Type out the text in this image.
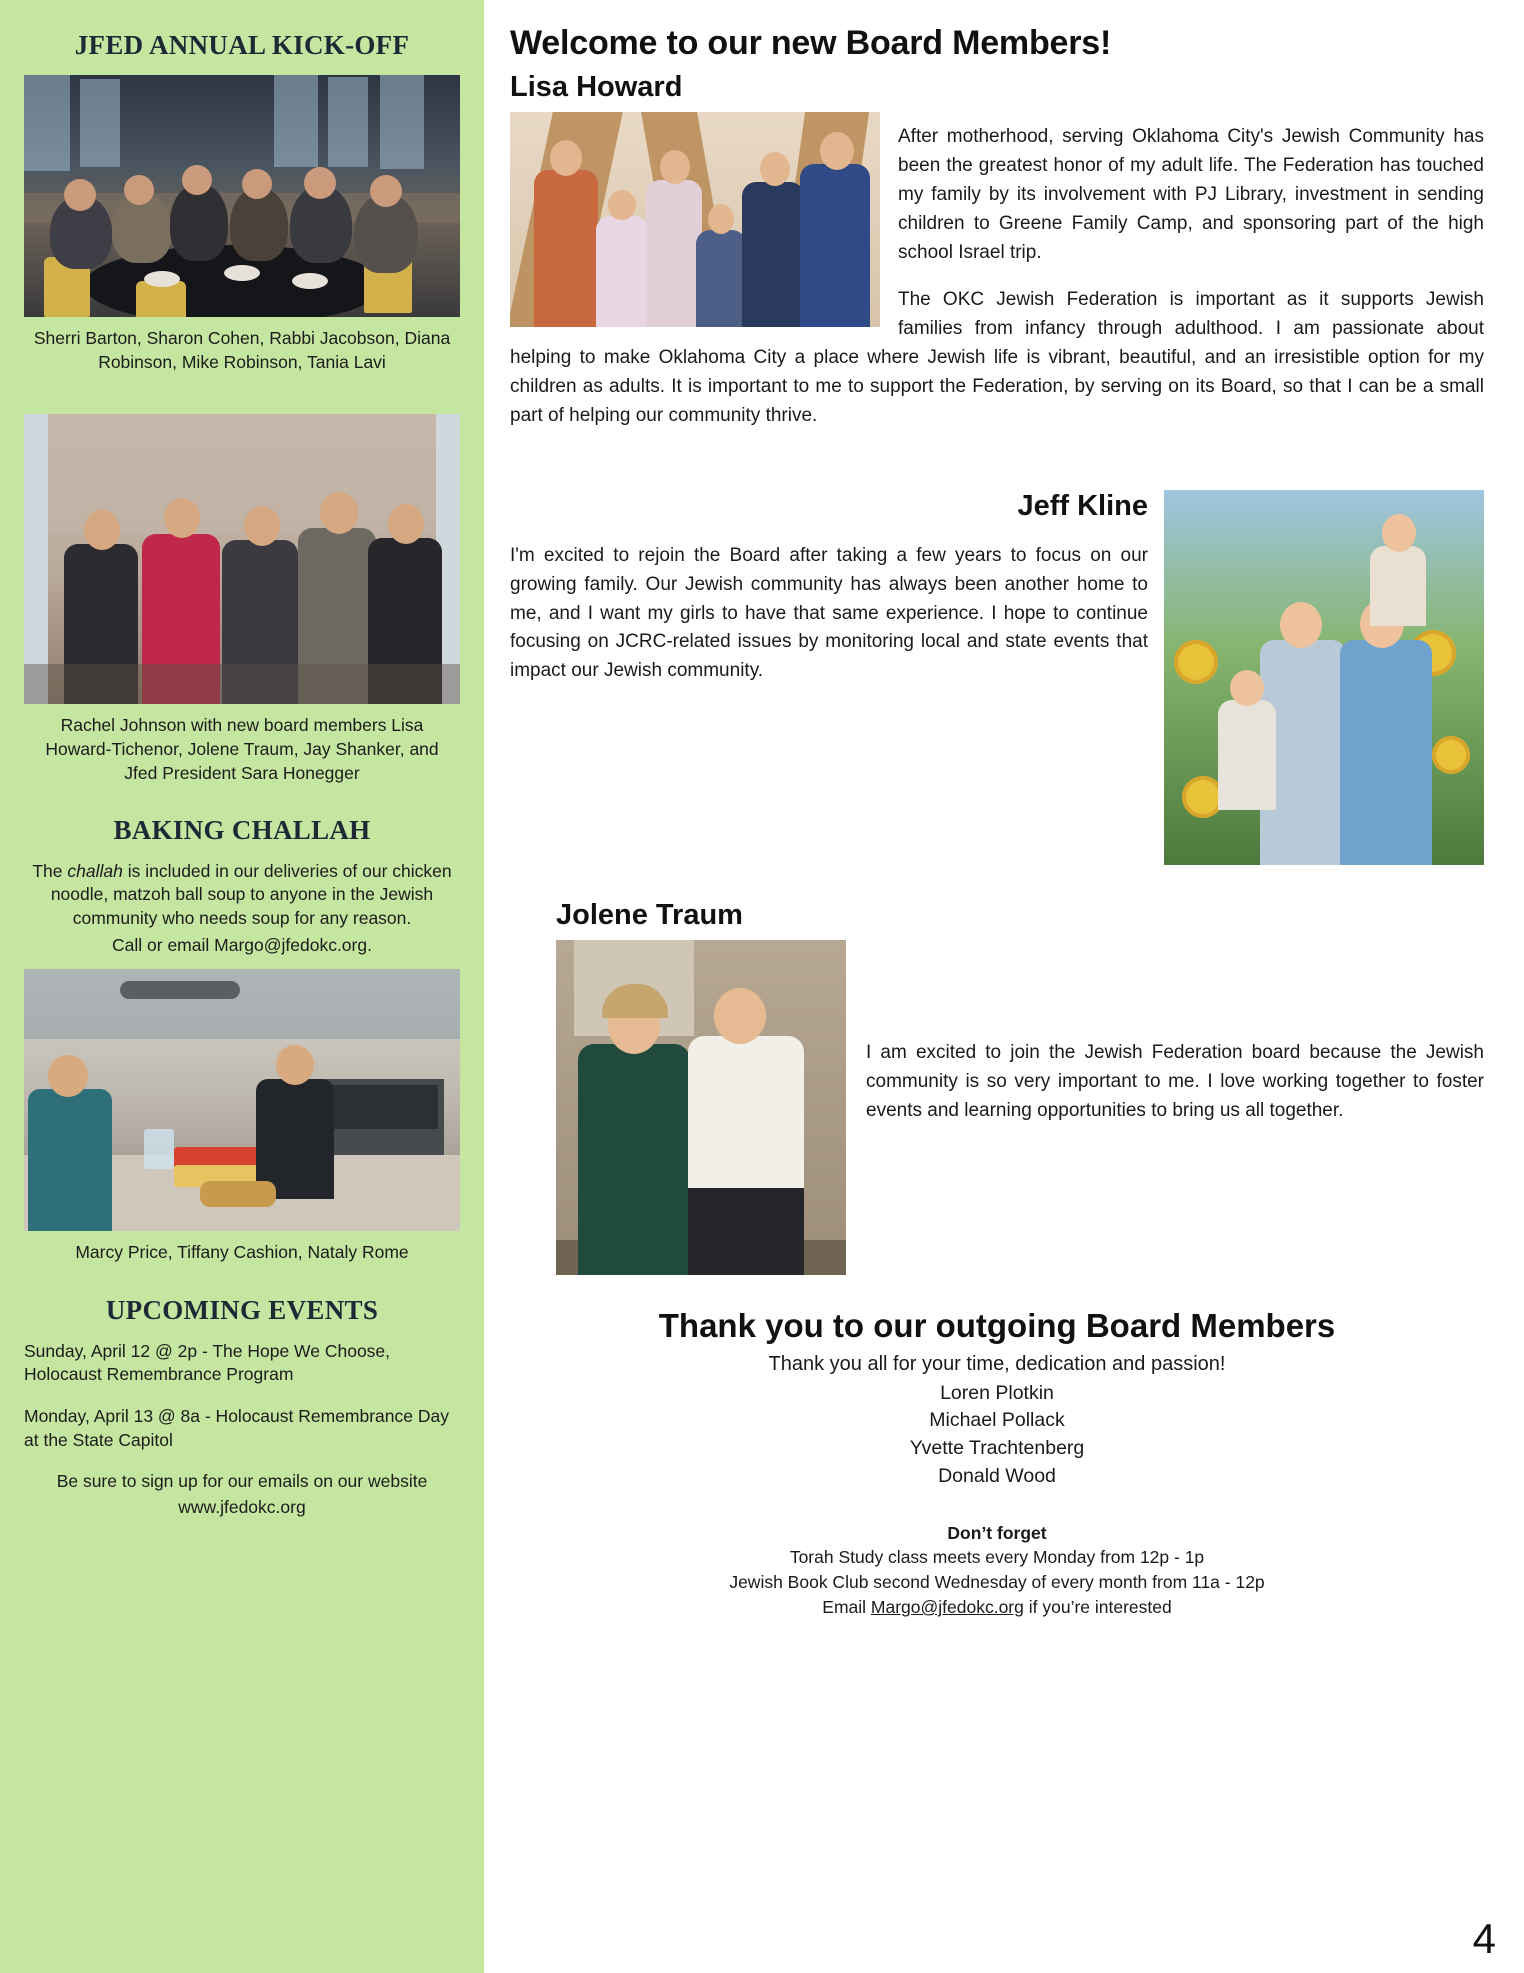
JFED ANNUAL KICK-OFF
Sherri Barton, Sharon Cohen, Rabbi Jacobson, Diana Robinson, Mike Robinson, Tania Lavi
Rachel Johnson with new board members Lisa Howard-Tichenor, Jolene Traum, Jay Shanker, and Jfed President Sara Honegger
BAKING CHALLAH
The challah is included in our deliveries of our chicken noodle, matzoh ball soup to anyone in the Jewish community who needs soup for any reason.
Call or email Margo@jfedokc.org.
Marcy Price, Tiffany Cashion, Nataly Rome
UPCOMING EVENTS

Sunday, April 12 @ 2p - The Hope We Choose, Holocaust Remembrance Program

Monday, April 13 @ 8a - Holocaust Remembrance Day at the State Capitol

Be sure to sign up for our emails on our website

www.jfedokc.org

Welcome to our new Board Members!
Lisa Howard

After motherhood, serving Oklahoma City's Jewish Community has been the greatest honor of my adult life. The Federation has touched my family by its involvement with PJ Library, investment in sending children to Greene Family Camp, and sponsoring part of the high school Israel trip.

The OKC Jewish Federation is important as it supports Jewish families from infancy through adulthood. I am passionate about helping to make Oklahoma City a place where Jewish life is vibrant, beautiful, and an irresistible option for my children as adults. It is important to me to support the Federation, by serving on its Board, so that I can be a small part of helping our community thrive.

Jeff Kline

I'm excited to rejoin the Board after taking a few years to focus on our growing family. Our Jewish community has always been another home to me, and I want my girls to have that same experience. I hope to continue focusing on JCRC-related issues by monitoring local and state events that impact our Jewish community.

Jolene Traum

I am excited to join the Jewish Federation board because the Jewish community is so very important to me. I love working together to foster events and learning opportunities to bring us all together.

Thank you to our outgoing Board Members
Thank you all for your time, dedication and passion!
Loren Plotkin
Michael Pollack
Yvette Trachtenberg
Donald Wood
Don’t forget
Torah Study class meets every Monday from 12p - 1p
Jewish Book Club second Wednesday of every month from 11a - 12p
Email Margo@jfedokc.org if you’re interested
4
